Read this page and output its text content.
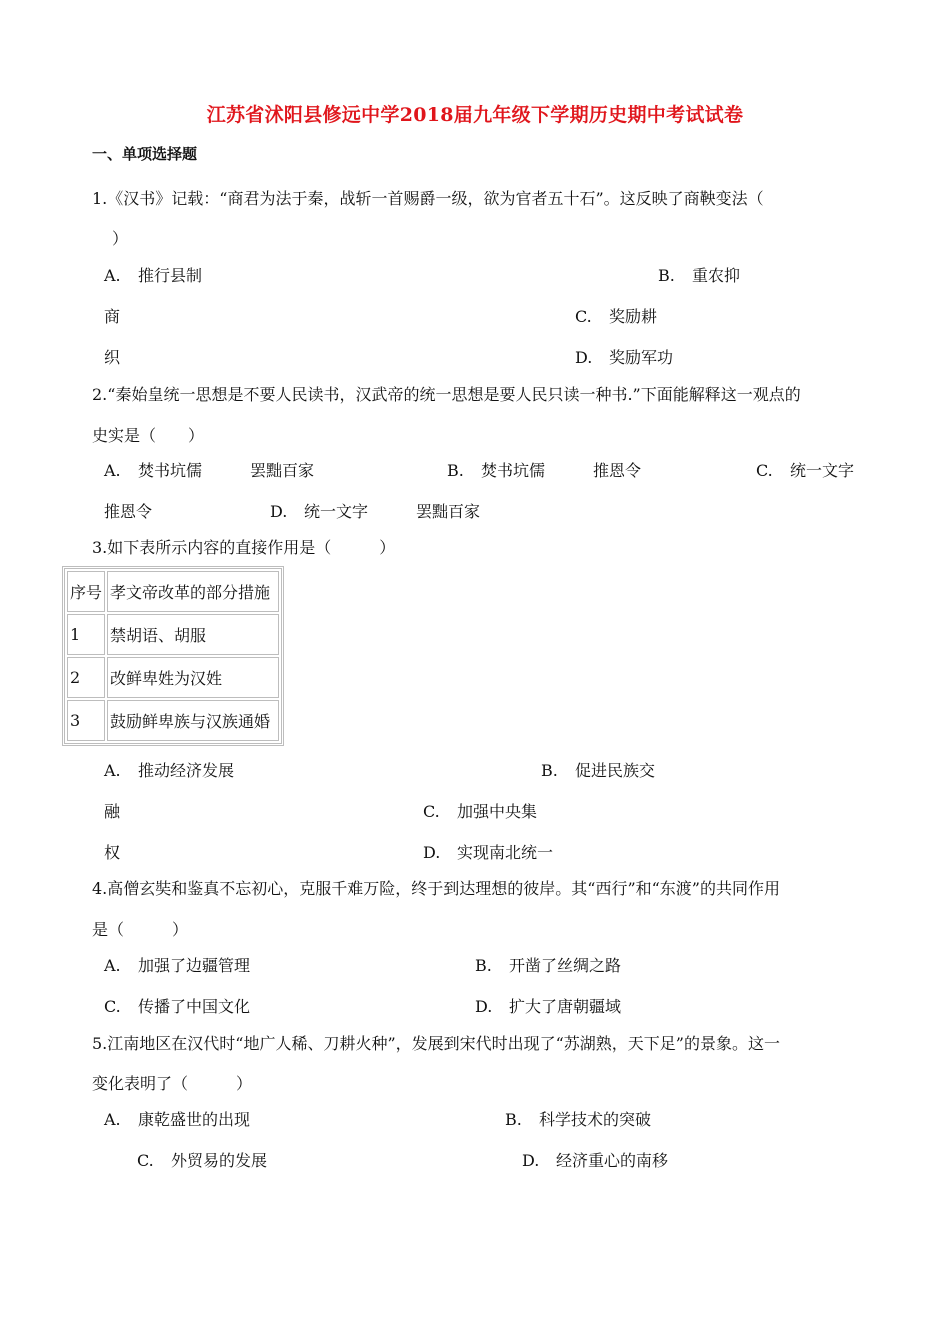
江苏省沭阳县修远中学2018届九年级下学期历史期中考试试卷
一、单项选择题
1.《汉书》记载：“商君为法于秦，战斩一首赐爵一级，欲为官者五十石”。这反映了商鞅变法（
）
A. 推行县制	B. 重农抑
商	C. 奖励耕
织	D. 奖励军功
2.“秦始皇统一思想是不要人民读书，汉武帝的统一思想是要人民只读一种书.”下面能解释这一观点的
史实是（　　）
A. 焚书坑儒　　　罢黜百家	B. 焚书坑儒　　　推恩令	C. 统一文字
推恩令	D. 统一文字　　　罢黜百家
3.如下表所示内容的直接作用是（　　　）
序号	孝文帝改革的部分措施
1	禁胡语、胡服
2	改鲜卑姓为汉姓
3	鼓励鲜卑族与汉族通婚
A. 推动经济发展	B. 促进民族交
融	C. 加强中央集
权	D. 实现南北统一
4.高僧玄奘和鉴真不忘初心，克服千难万险，终于到达理想的彼岸。其“西行”和“东渡”的共同作用
是（　　　）
A. 加强了边疆管理	B. 开凿了丝绸之路
C. 传播了中国文化	D. 扩大了唐朝疆域
5.江南地区在汉代时“地广人稀、刀耕火种”，发展到宋代时出现了“苏湖熟，天下足”的景象。这一
变化表明了（　　　）
A. 康乾盛世的出现	B. 科学技术的突破
C. 外贸易的发展	D. 经济重心的南移
